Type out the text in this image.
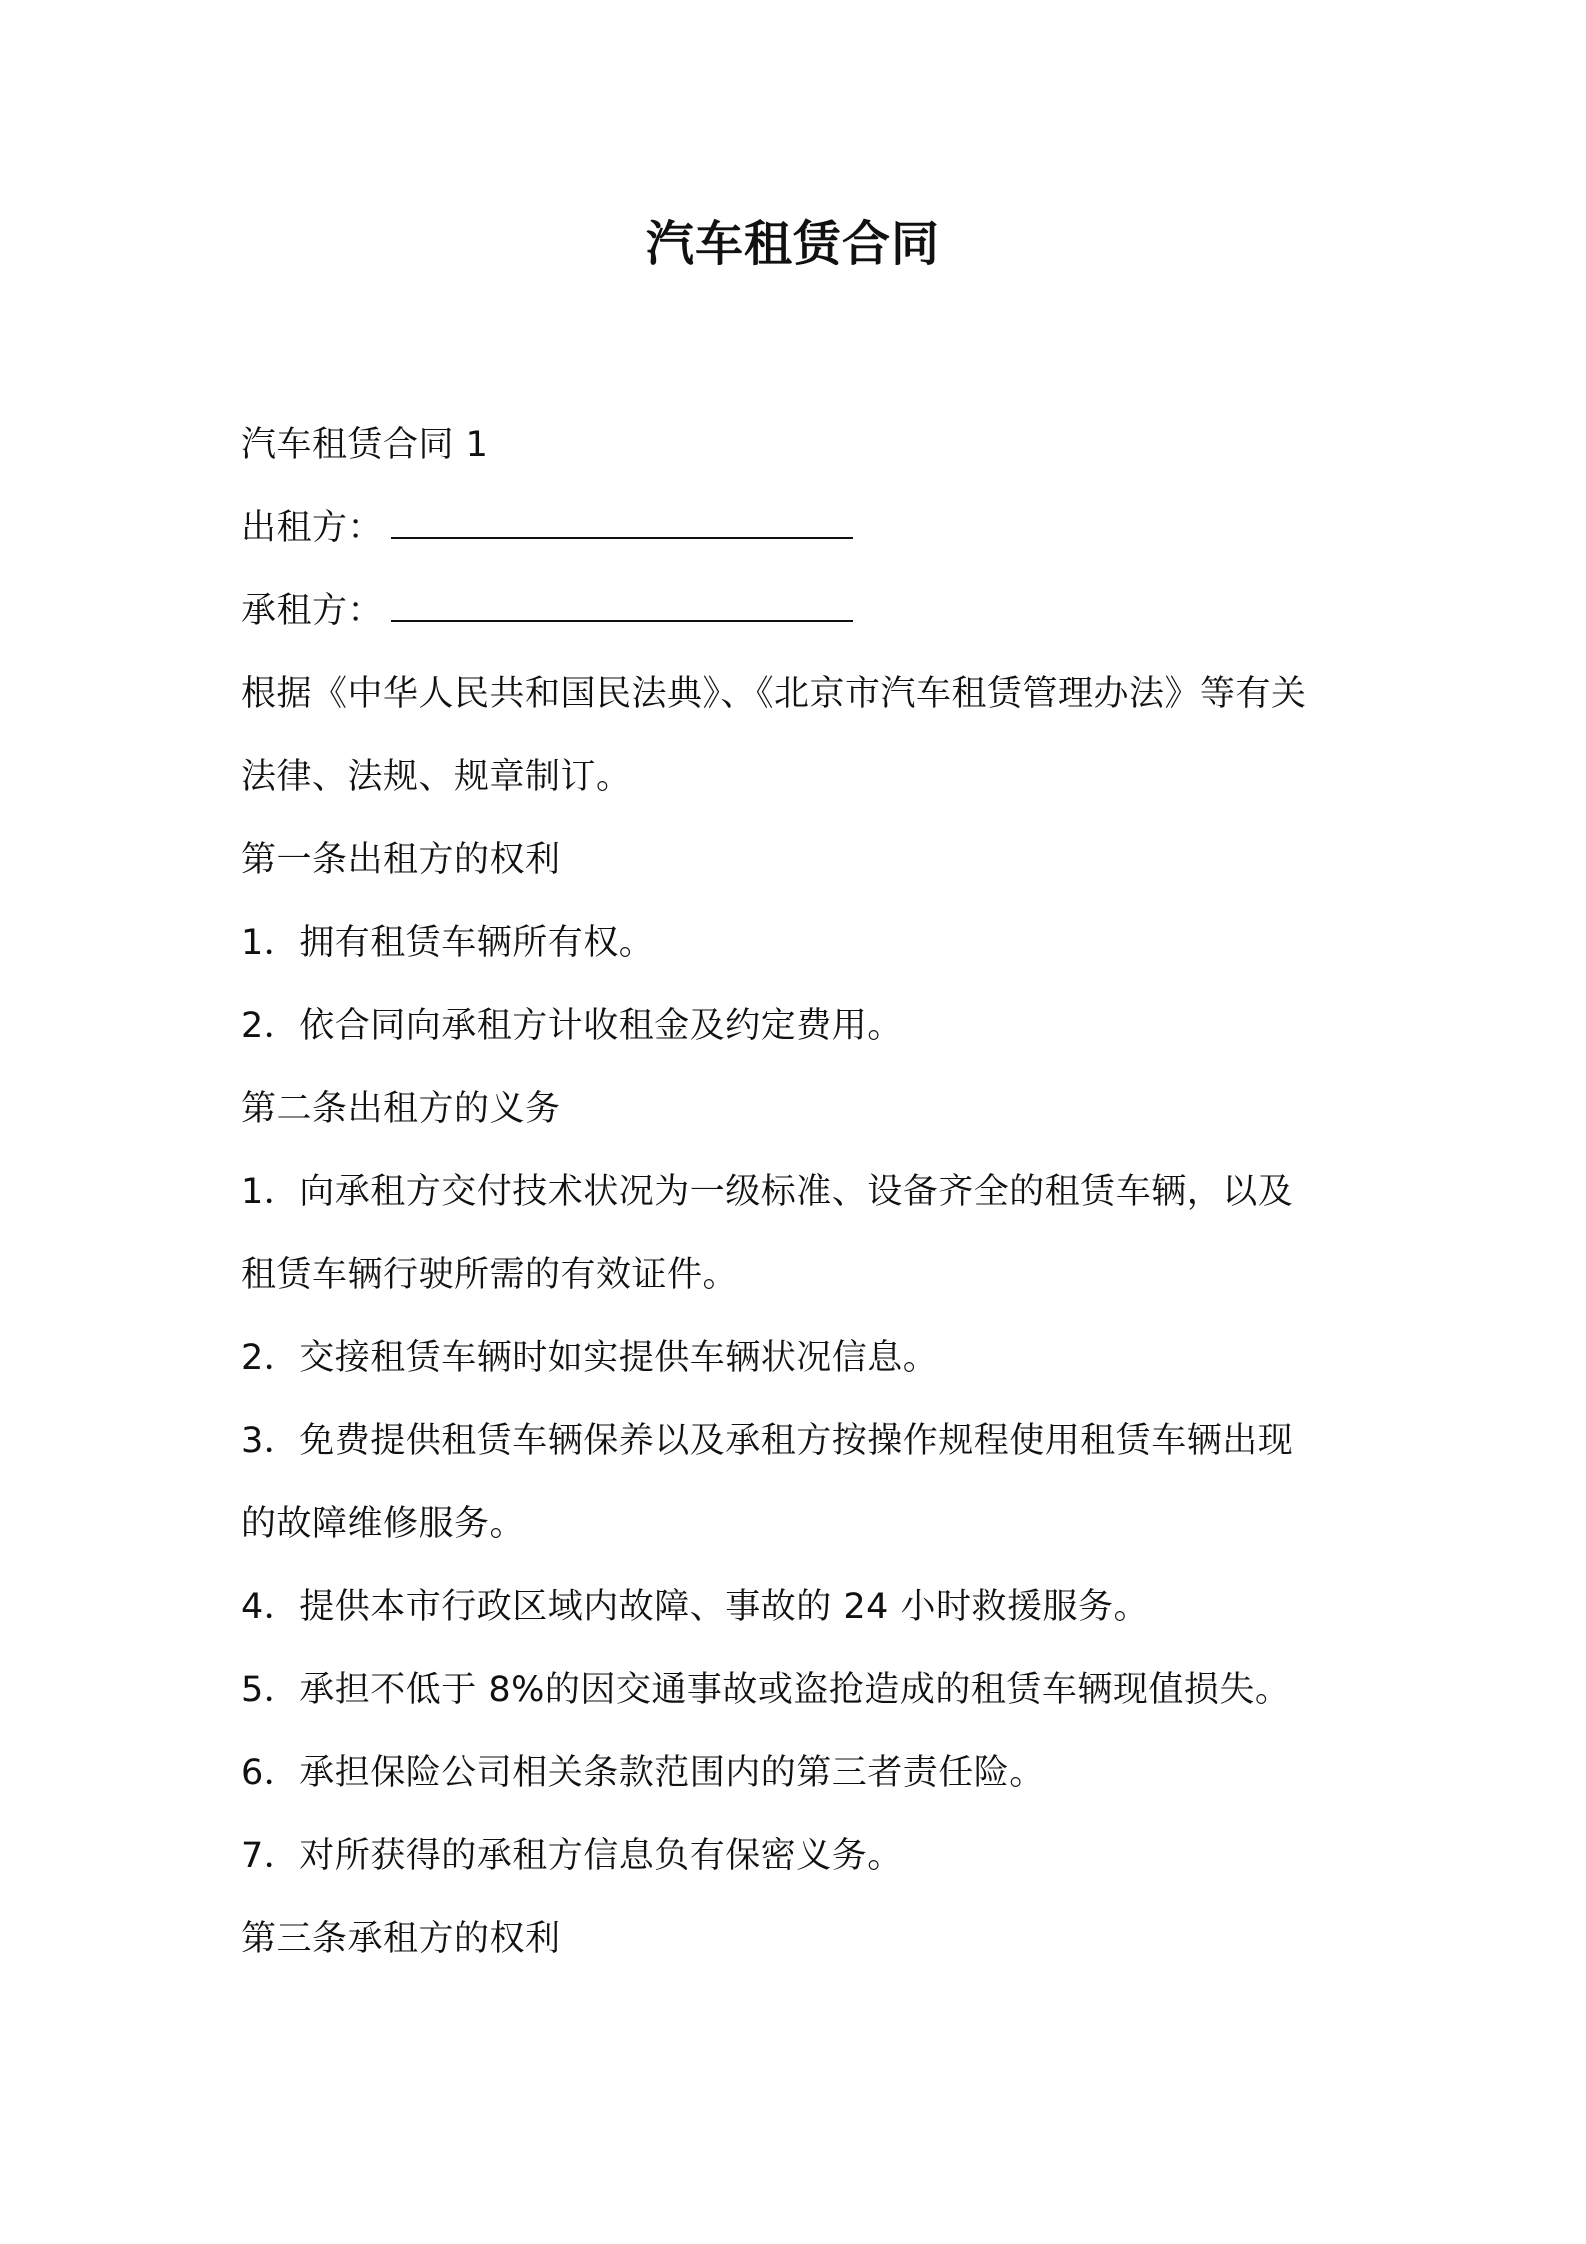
汽车租赁合同
汽车租赁合同 1
出租方：
承租方：
根据《中华人民共和国民法典》、《北京市汽车租赁管理办法》等有关
法律、法规、规章制订。
第一条出租方的权利
1．拥有租赁车辆所有权。
2．依合同向承租方计收租金及约定费用。
第二条出租方的义务
1．向承租方交付技术状况为一级标准、设备齐全的租赁车辆，以及
租赁车辆行驶所需的有效证件。
2．交接租赁车辆时如实提供车辆状况信息。
3．免费提供租赁车辆保养以及承租方按操作规程使用租赁车辆出现
的故障维修服务。
4．提供本市行政区域内故障、事故的 24 小时救援服务。
5．承担不低于 8%的因交通事故或盗抢造成的租赁车辆现值损失。
6．承担保险公司相关条款范围内的第三者责任险。
7．对所获得的承租方信息负有保密义务。
第三条承租方的权利
